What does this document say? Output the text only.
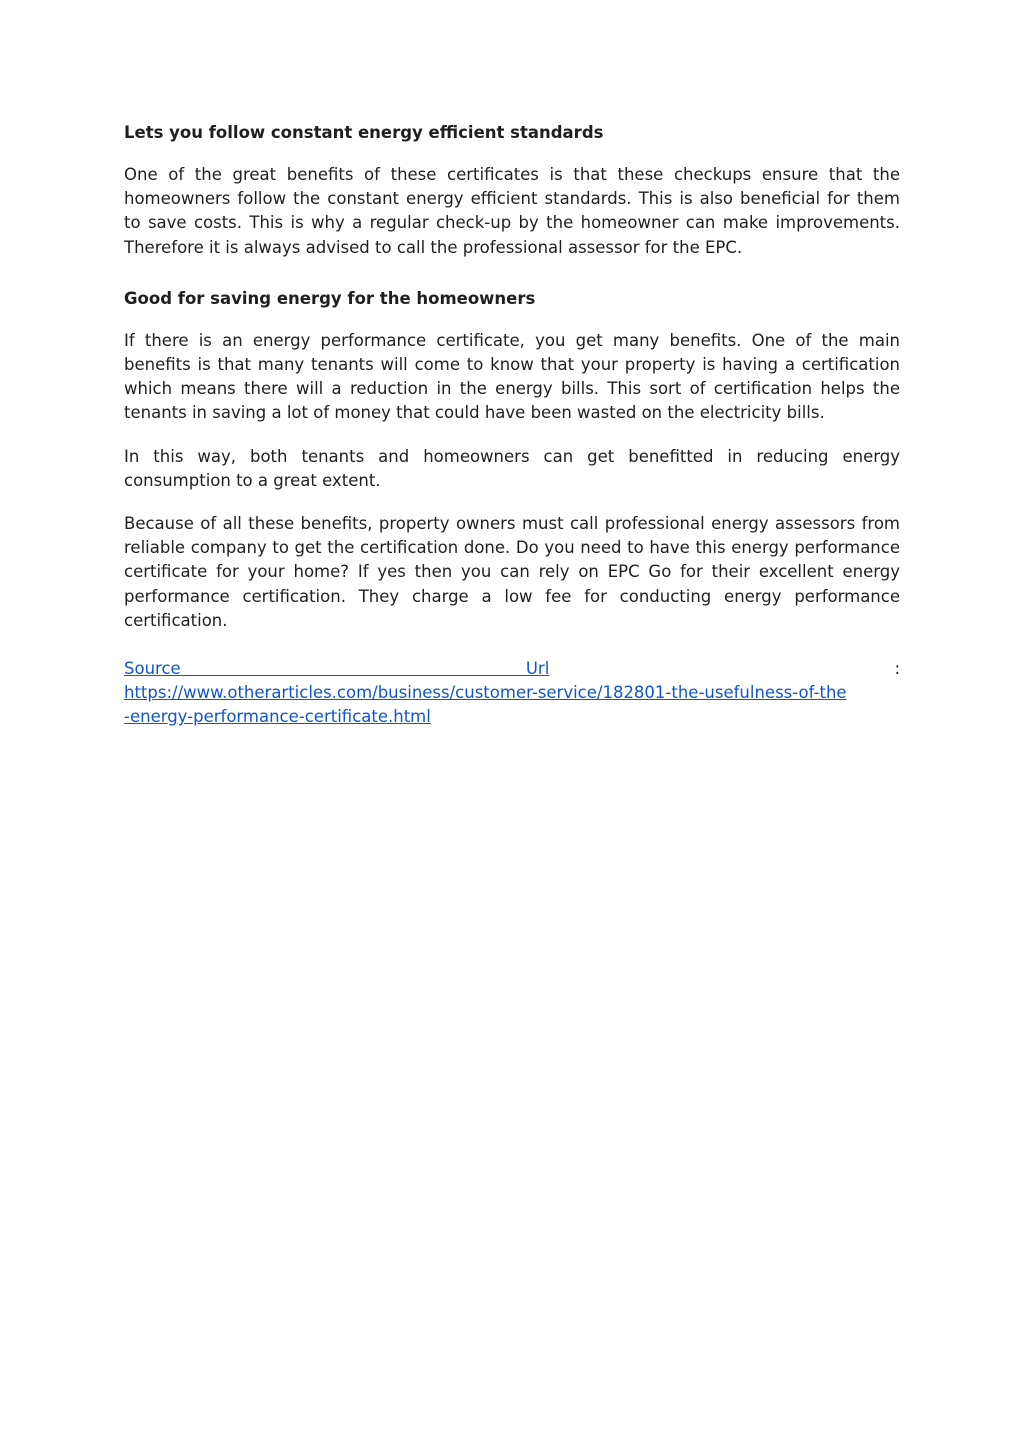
Lets you follow constant energy efficient standards

One of the great benefits of these certificates is that these checkups ensure that the homeowners follow the constant energy efficient standards. This is also beneficial for them to save costs. This is why a regular check-up by the homeowner can make improvements. Therefore it is always advised to call the professional assessor for the EPC.

Good for saving energy for the homeowners

If there is an energy performance certificate, you get many benefits. One of the main benefits is that many tenants will come to know that your property is having a certification which means there will a reduction in the energy bills. This sort of certification helps the tenants in saving a lot of money that could have been wasted on the electricity bills.

In this way, both tenants and homeowners can get benefitted in reducing energy consumption to a great extent.

Because of all these benefits, property owners must call professional energy assessors from reliable company to get the certification done. Do you need to have this energy performance certificate for your home? If yes then you can rely on EPC Go for their excellent energy performance certification. They charge a low fee for conducting energy performance certification.

Source	Url	:
https://www.otherarticles.com/business/customer-service/182801-the-usefulness-of-the
-energy-performance-certificate.html
